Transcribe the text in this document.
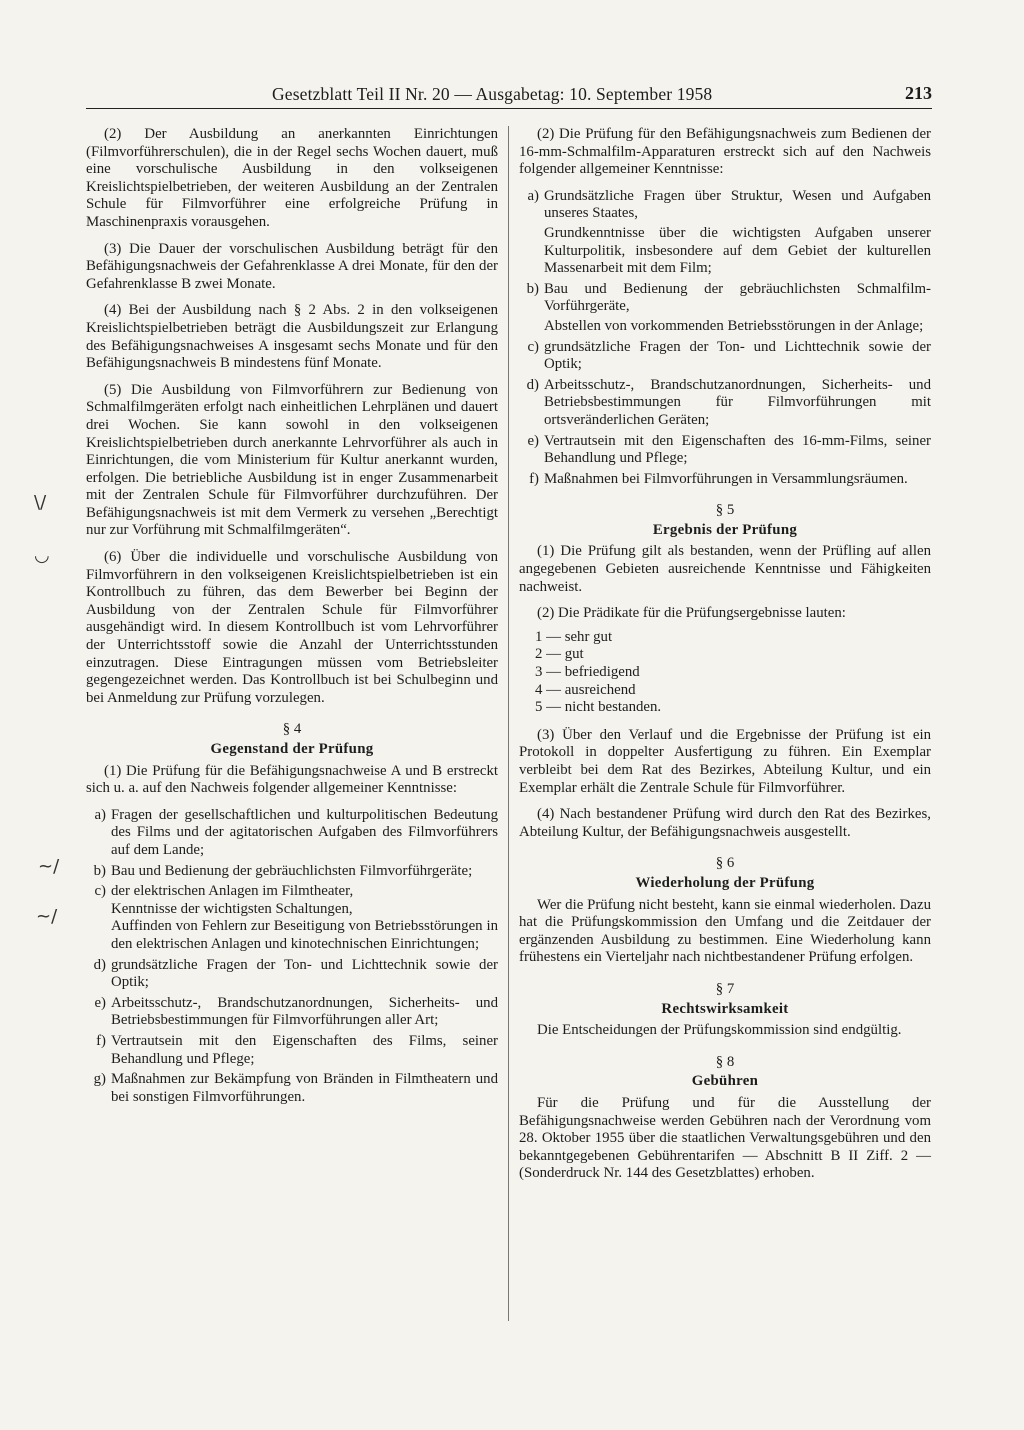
Gesetzblatt Teil II Nr. 20 — Ausgabetag: 10. September 1958	213
\/
◡
~/
~/

(2) Der Ausbildung an anerkannten Einrichtungen (Filmvorführerschulen), die in der Regel sechs Wochen dauert, muß eine vorschulische Ausbildung in den volkseigenen Kreislichtspielbetrieben, der weiteren Ausbildung an der Zentralen Schule für Filmvorführer eine erfolgreiche Prüfung in Maschinenpraxis vorausgehen.

(3) Die Dauer der vorschulischen Ausbildung beträgt für den Befähigungsnachweis der Gefahrenklasse A drei Monate, für den der Gefahrenklasse B zwei Monate.

(4) Bei der Ausbildung nach § 2 Abs. 2 in den volkseigenen Kreislichtspielbetrieben beträgt die Ausbildungszeit zur Erlangung des Befähigungsnachweises A insgesamt sechs Monate und für den Befähigungsnachweis B mindestens fünf Monate.

(5) Die Ausbildung von Filmvorführern zur Bedienung von Schmalfilmgeräten erfolgt nach einheitlichen Lehrplänen und dauert drei Wochen. Sie kann sowohl in den volkseigenen Kreislichtspielbetrieben durch anerkannte Lehrvorführer als auch in Einrichtungen, die vom Ministerium für Kultur anerkannt wurden, erfolgen. Die betriebliche Ausbildung ist in enger Zusammenarbeit mit der Zentralen Schule für Filmvorführer durchzuführen. Der Befähigungsnachweis ist mit dem Vermerk zu versehen „Berechtigt nur zur Vorführung mit Schmalfilmgeräten“.

(6) Über die individuelle und vorschulische Ausbildung von Filmvorführern in den volkseigenen Kreislichtspielbetrieben ist ein Kontrollbuch zu führen, das dem Bewerber bei Beginn der Ausbildung von der Zentralen Schule für Filmvorführer ausgehändigt wird. In diesem Kontrollbuch ist vom Lehrvorführer der Unterrichtsstoff sowie die Anzahl der Unterrichtsstunden einzutragen. Diese Eintragungen müssen vom Betriebsleiter gegengezeichnet werden. Das Kontrollbuch ist bei Schulbeginn und bei Anmeldung zur Prüfung vorzulegen.

§ 4
Gegenstand der Prüfung

(1) Die Prüfung für die Befähigungsnachweise A und B erstreckt sich u. a. auf den Nachweis folgender allgemeiner Kenntnisse:

a) Fragen der gesellschaftlichen und kulturpolitischen Bedeutung des Films und der agitatorischen Aufgaben des Filmvorführers auf dem Lande;
b) Bau und Bedienung der gebräuchlichsten Filmvorführgeräte;
c) der elektrischen Anlagen im Filmtheater,
Kenntnisse der wichtigsten Schaltungen,
Auffinden von Fehlern zur Beseitigung von Betriebsstörungen in den elektrischen Anlagen und kinotechnischen Einrichtungen;
d) grundsätzliche Fragen der Ton- und Lichttechnik sowie der Optik;
e) Arbeitsschutz-, Brandschutzanordnungen, Sicherheits- und Betriebsbestimmungen für Filmvorführungen aller Art;
f) Vertrautsein mit den Eigenschaften des Films, seiner Behandlung und Pflege;
g) Maßnahmen zur Bekämpfung von Bränden in Filmtheatern und bei sonstigen Filmvorführungen.

(2) Die Prüfung für den Befähigungsnachweis zum Bedienen der 16-mm-Schmalfilm-Apparaturen erstreckt sich auf den Nachweis folgender allgemeiner Kenntnisse:

a) Grundsätzliche Fragen über Struktur, Wesen und Aufgaben unseres Staates,
Grundkenntnisse über die wichtigsten Aufgaben unserer Kulturpolitik, insbesondere auf dem Gebiet der kulturellen Massenarbeit mit dem Film;
b) Bau und Bedienung der gebräuchlichsten Schmalfilm-Vorführgeräte,
Abstellen von vorkommenden Betriebsstörungen in der Anlage;
c) grundsätzliche Fragen der Ton- und Lichttechnik sowie der Optik;
d) Arbeitsschutz-, Brandschutzanordnungen, Sicherheits- und Betriebsbestimmungen für Filmvorführungen mit ortsveränderlichen Geräten;
e) Vertrautsein mit den Eigenschaften des 16-mm-Films, seiner Behandlung und Pflege;
f) Maßnahmen bei Filmvorführungen in Versammlungsräumen.
§ 5
Ergebnis der Prüfung

(1) Die Prüfung gilt als bestanden, wenn der Prüfling auf allen angegebenen Gebieten ausreichende Kenntnisse und Fähigkeiten nachweist.

(2) Die Prädikate für die Prüfungsergebnisse lauten:

1 — sehr gut
2 — gut
3 — befriedigend
4 — ausreichend
5 — nicht bestanden.

(3) Über den Verlauf und die Ergebnisse der Prüfung ist ein Protokoll in doppelter Ausfertigung zu führen. Ein Exemplar verbleibt bei dem Rat des Bezirkes, Abteilung Kultur, und ein Exemplar erhält die Zentrale Schule für Filmvorführer.

(4) Nach bestandener Prüfung wird durch den Rat des Bezirkes, Abteilung Kultur, der Befähigungsnachweis ausgestellt.

§ 6
Wiederholung der Prüfung

Wer die Prüfung nicht besteht, kann sie einmal wiederholen. Dazu hat die Prüfungskommission den Umfang und die Zeitdauer der ergänzenden Ausbildung zu bestimmen. Eine Wiederholung kann frühestens ein Vierteljahr nach nichtbestandener Prüfung erfolgen.

§ 7
Rechtswirksamkeit

Die Entscheidungen der Prüfungskommission sind endgültig.

§ 8
Gebühren

Für die Prüfung und für die Ausstellung der Befähigungsnachweise werden Gebühren nach der Verordnung vom 28. Oktober 1955 über die staatlichen Verwaltungsgebühren und den bekanntgegebenen Gebührentarifen — Abschnitt B II Ziff. 2 — (Sonderdruck Nr. 144 des Gesetzblattes) erhoben.
